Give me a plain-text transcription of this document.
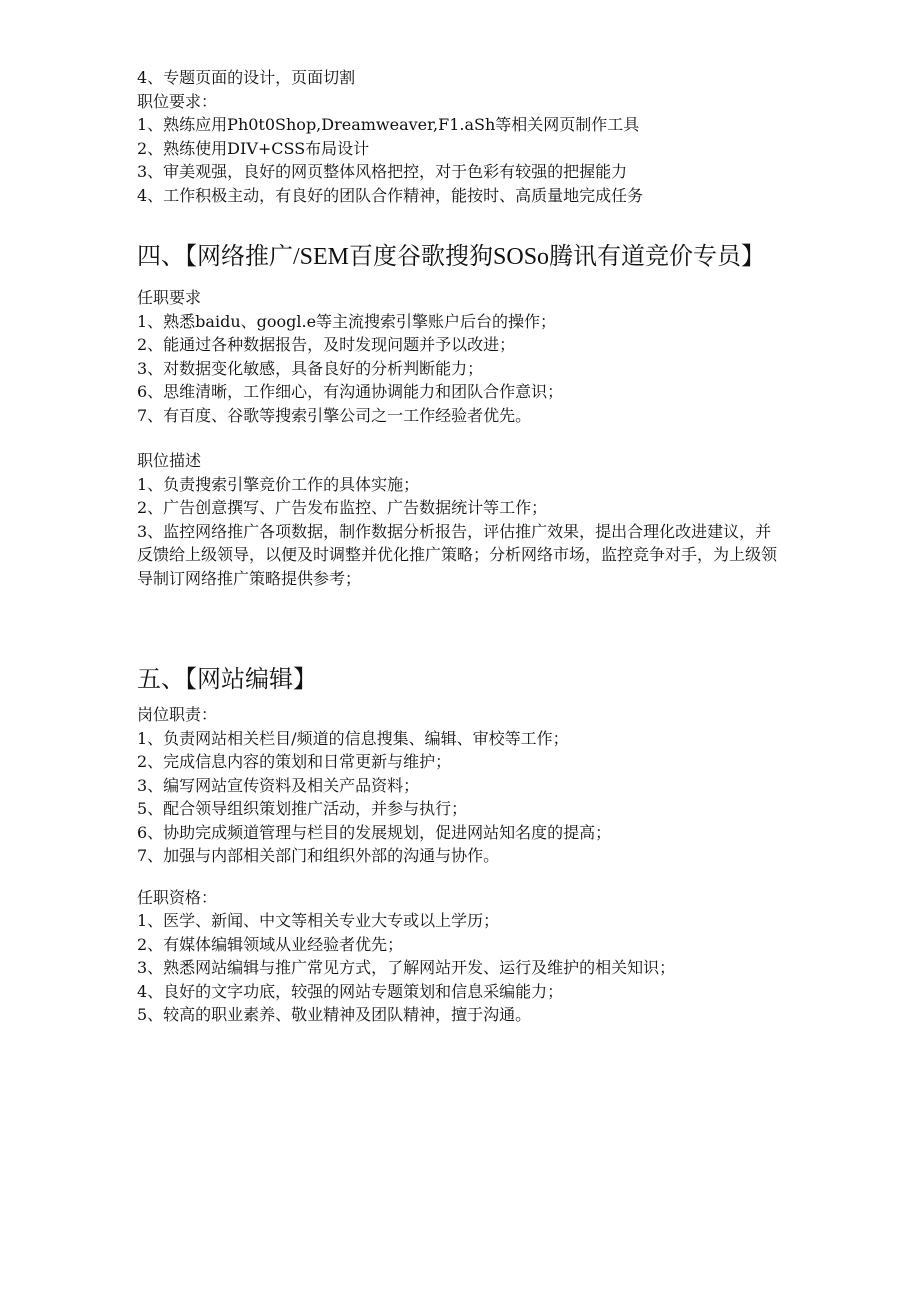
4、专题页面的设计，页面切割
职位要求：
1、熟练应用Ph0t0Shop,Dreamweaver,F1.aSh等相关网页制作工具
2、熟练使用DIV+CSS布局设计
3、审美观强，良好的网页整体风格把控，对于色彩有较强的把握能力
4、工作积极主动，有良好的团队合作精神，能按时、高质量地完成任务
四、【网络推广/SEM百度谷歌搜狗SOSo腾讯有道竞价专员】
任职要求
1、熟悉baidu、googl.e等主流搜索引擎账户后台的操作；
2、能通过各种数据报告，及时发现问题并予以改进；
3、对数据变化敏感，具备良好的分析判断能力；
6、思维清晰，工作细心，有沟通协调能力和团队合作意识；
7、有百度、谷歌等搜索引擎公司之一工作经验者优先。
职位描述
1、负责搜索引擎竞价工作的具体实施；
2、广告创意撰写、广告发布监控、广告数据统计等工作；
3、监控网络推广各项数据，制作数据分析报告，评估推广效果，提出合理化改进建议，并反馈给上级领导，以便及时调整并优化推广策略；分析网络市场，监控竞争对手，为上级领导制订网络推广策略提供参考；
五、【网站编辑】
岗位职责：
1、负责网站相关栏目/频道的信息搜集、编辑、审校等工作；
2、完成信息内容的策划和日常更新与维护；
3、编写网站宣传资料及相关产品资料；
5、配合领导组织策划推广活动，并参与执行；
6、协助完成频道管理与栏目的发展规划，促进网站知名度的提高；
7、加强与内部相关部门和组织外部的沟通与协作。
任职资格：
1、医学、新闻、中文等相关专业大专或以上学历；
2、有媒体编辑领域从业经验者优先；
3、熟悉网站编辑与推广常见方式，了解网站开发、运行及维护的相关知识；
4、良好的文字功底，较强的网站专题策划和信息采编能力；
5、较高的职业素养、敬业精神及团队精神，擅于沟通。
